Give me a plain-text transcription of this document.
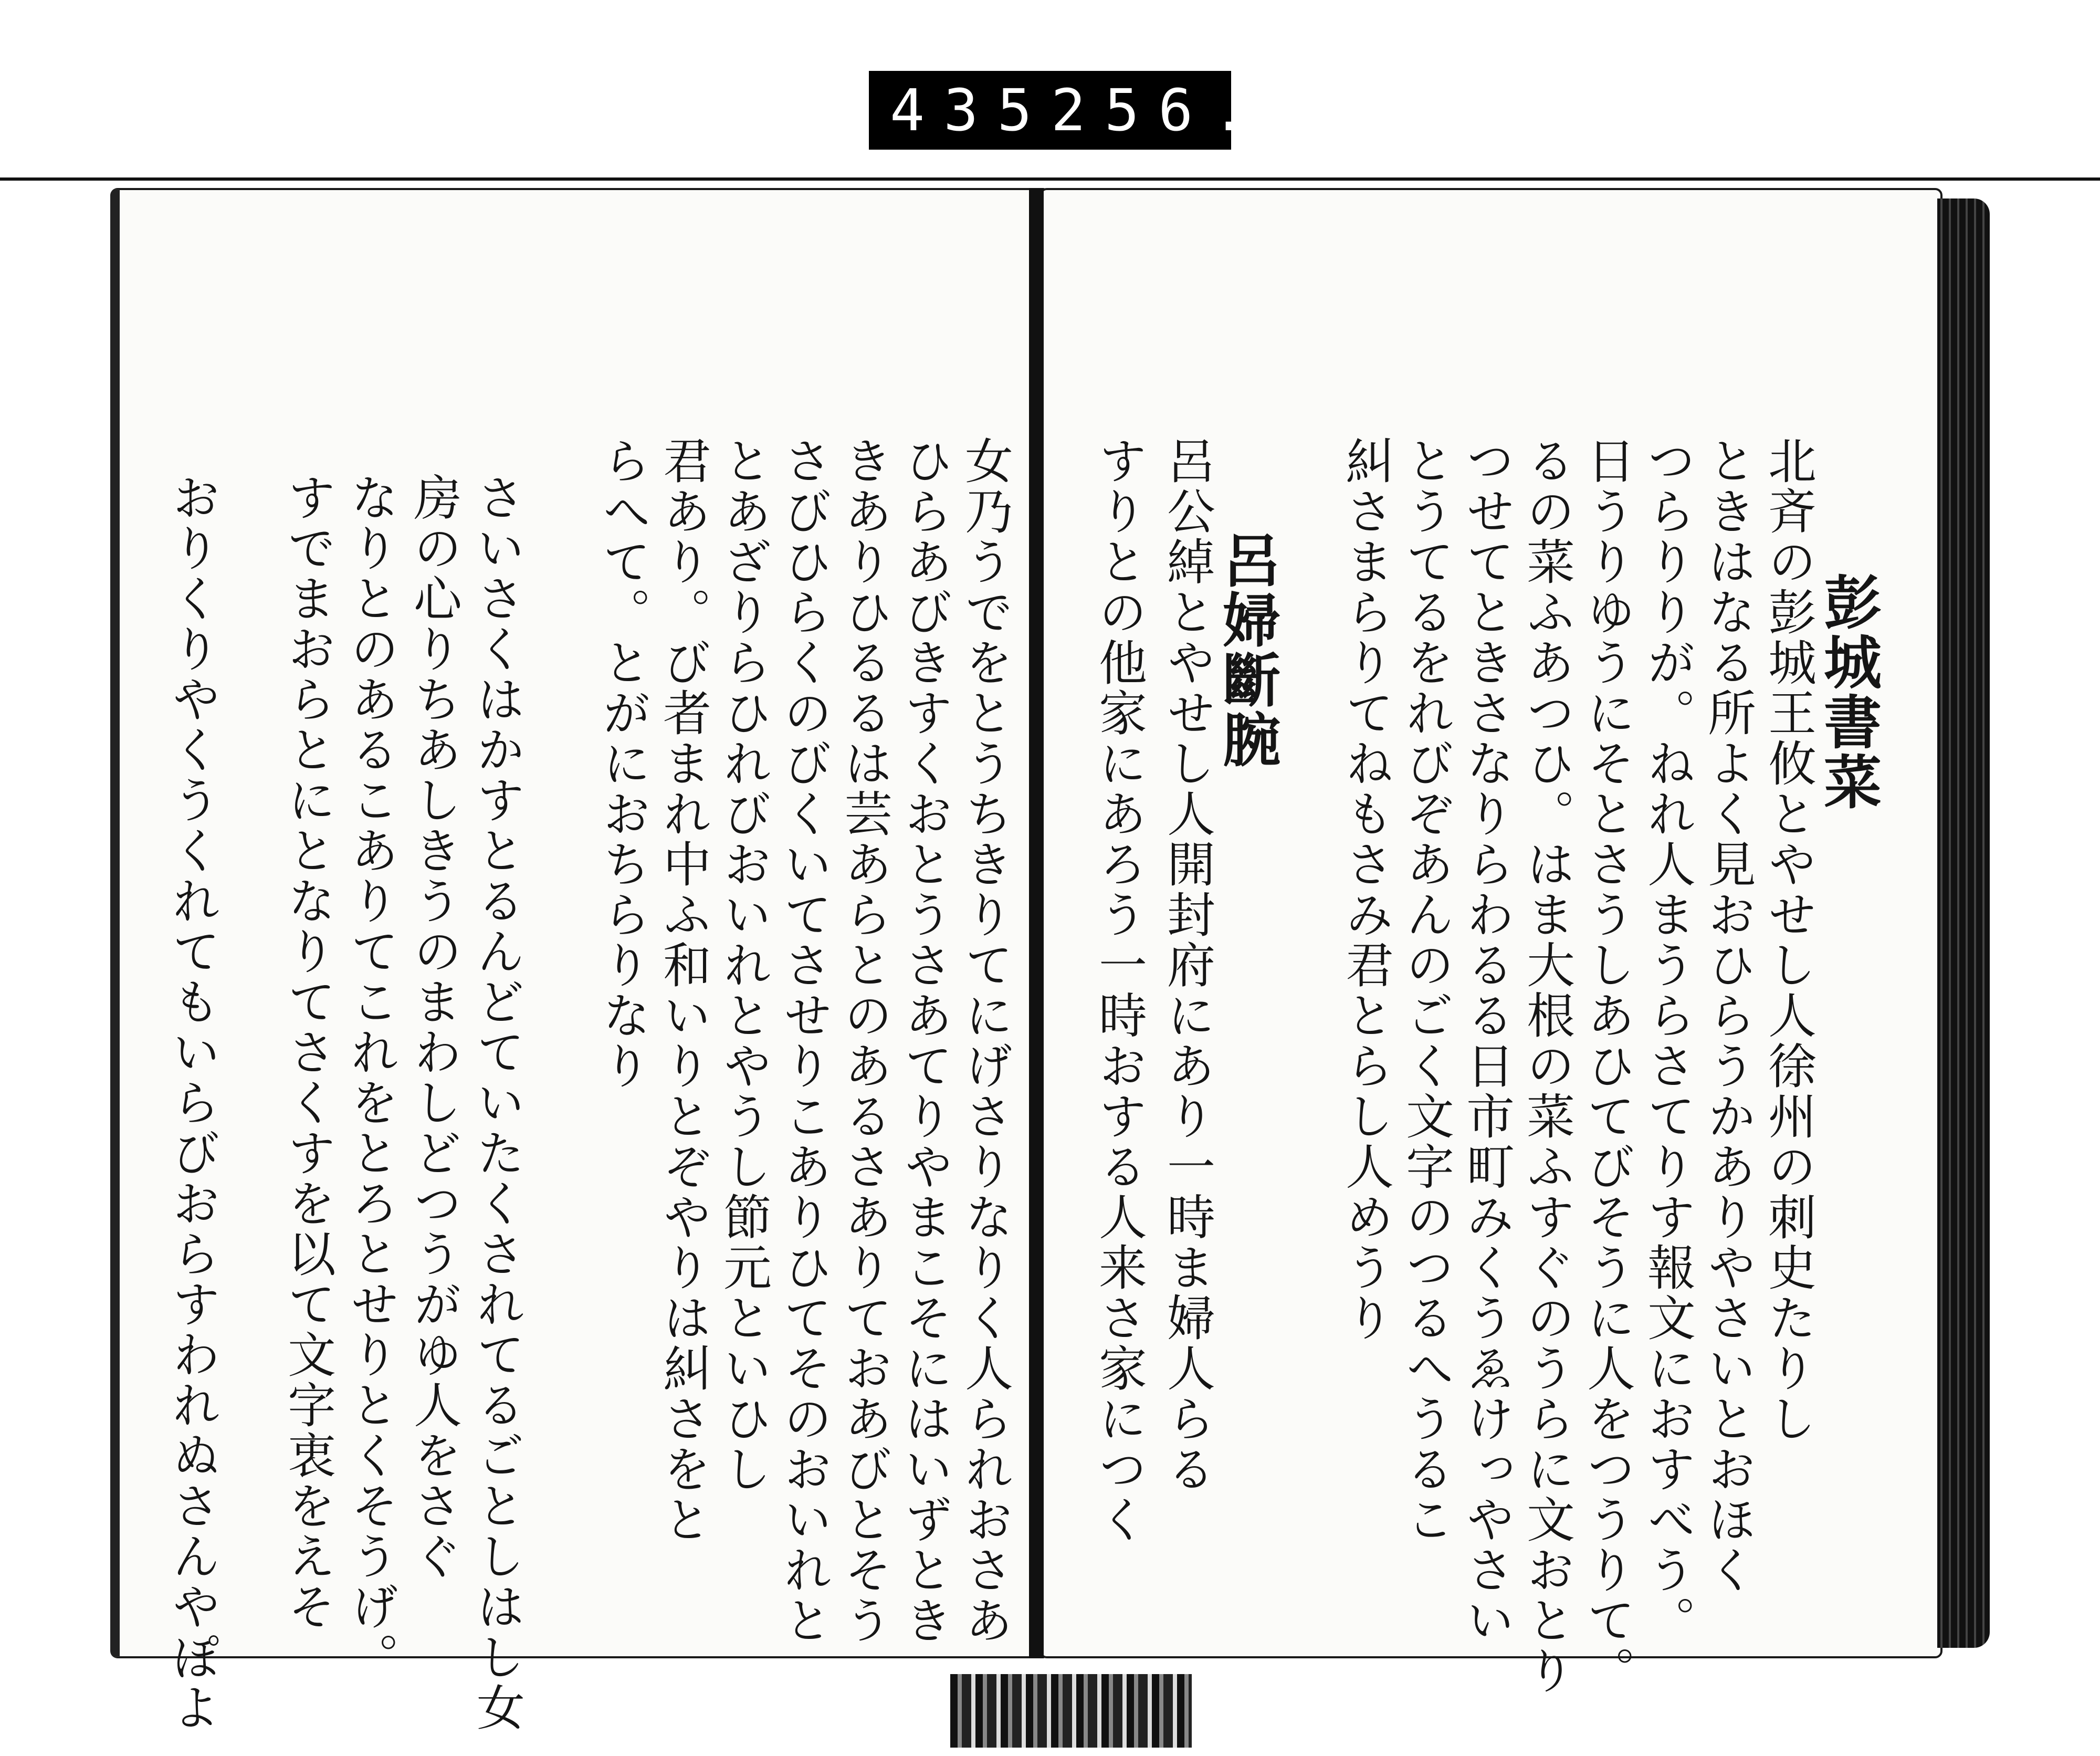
435 256.
彭城書菜
北斉の彭城王攸とやせし人徐州の刺史たりし
ときはなる所よく見おひらうかありやさいとおほく
つらりりが。ねれ人まうらさてりす報文におすべう。
日うりゆうにそとさうしあひてびそうに人をつうりて。
るの菜ふあつひ。はま大根の菜ふすぐのうらに文おとり
つせてときさなりらわるる日市町みくうゑけっやさい
とうてるをれびぞあんのごく文字のつるへうるこ
糾さまらりてねもさみ君とらし人めうり
呂婦斷腕
呂公綽とやせし人開封府にあり一時ま婦人らる
すりとの他家にあろう一時おする人来さ家につく
女乃うでをとうちきりてにげさりなりく人られおさあ
ひらあびきすくおとうさあてりやまこそにはいずとき
きありひるるは芸あらとのあるさありておあびとそう
さびひらくのびくいてさせりこありひてそのおいれと
とあざりらひれびおいれとやうし節元といひし
君あり。び者まれ中ふ和いりとぞやりは糾さをと
らへて。とがにおちらりなり
さいさくはかすとるんどていたくされてるごとしはし女
房の心りちあしきうのまわしどつうがゆ人をさぐ
なりとのあるこありてこれをとろとせりとくそうげ。
すでまおらとにとなりてさくすを以て文字衷をえそ
おりくりやくうくれてもいらびおらすわれぬさんやぽよ
